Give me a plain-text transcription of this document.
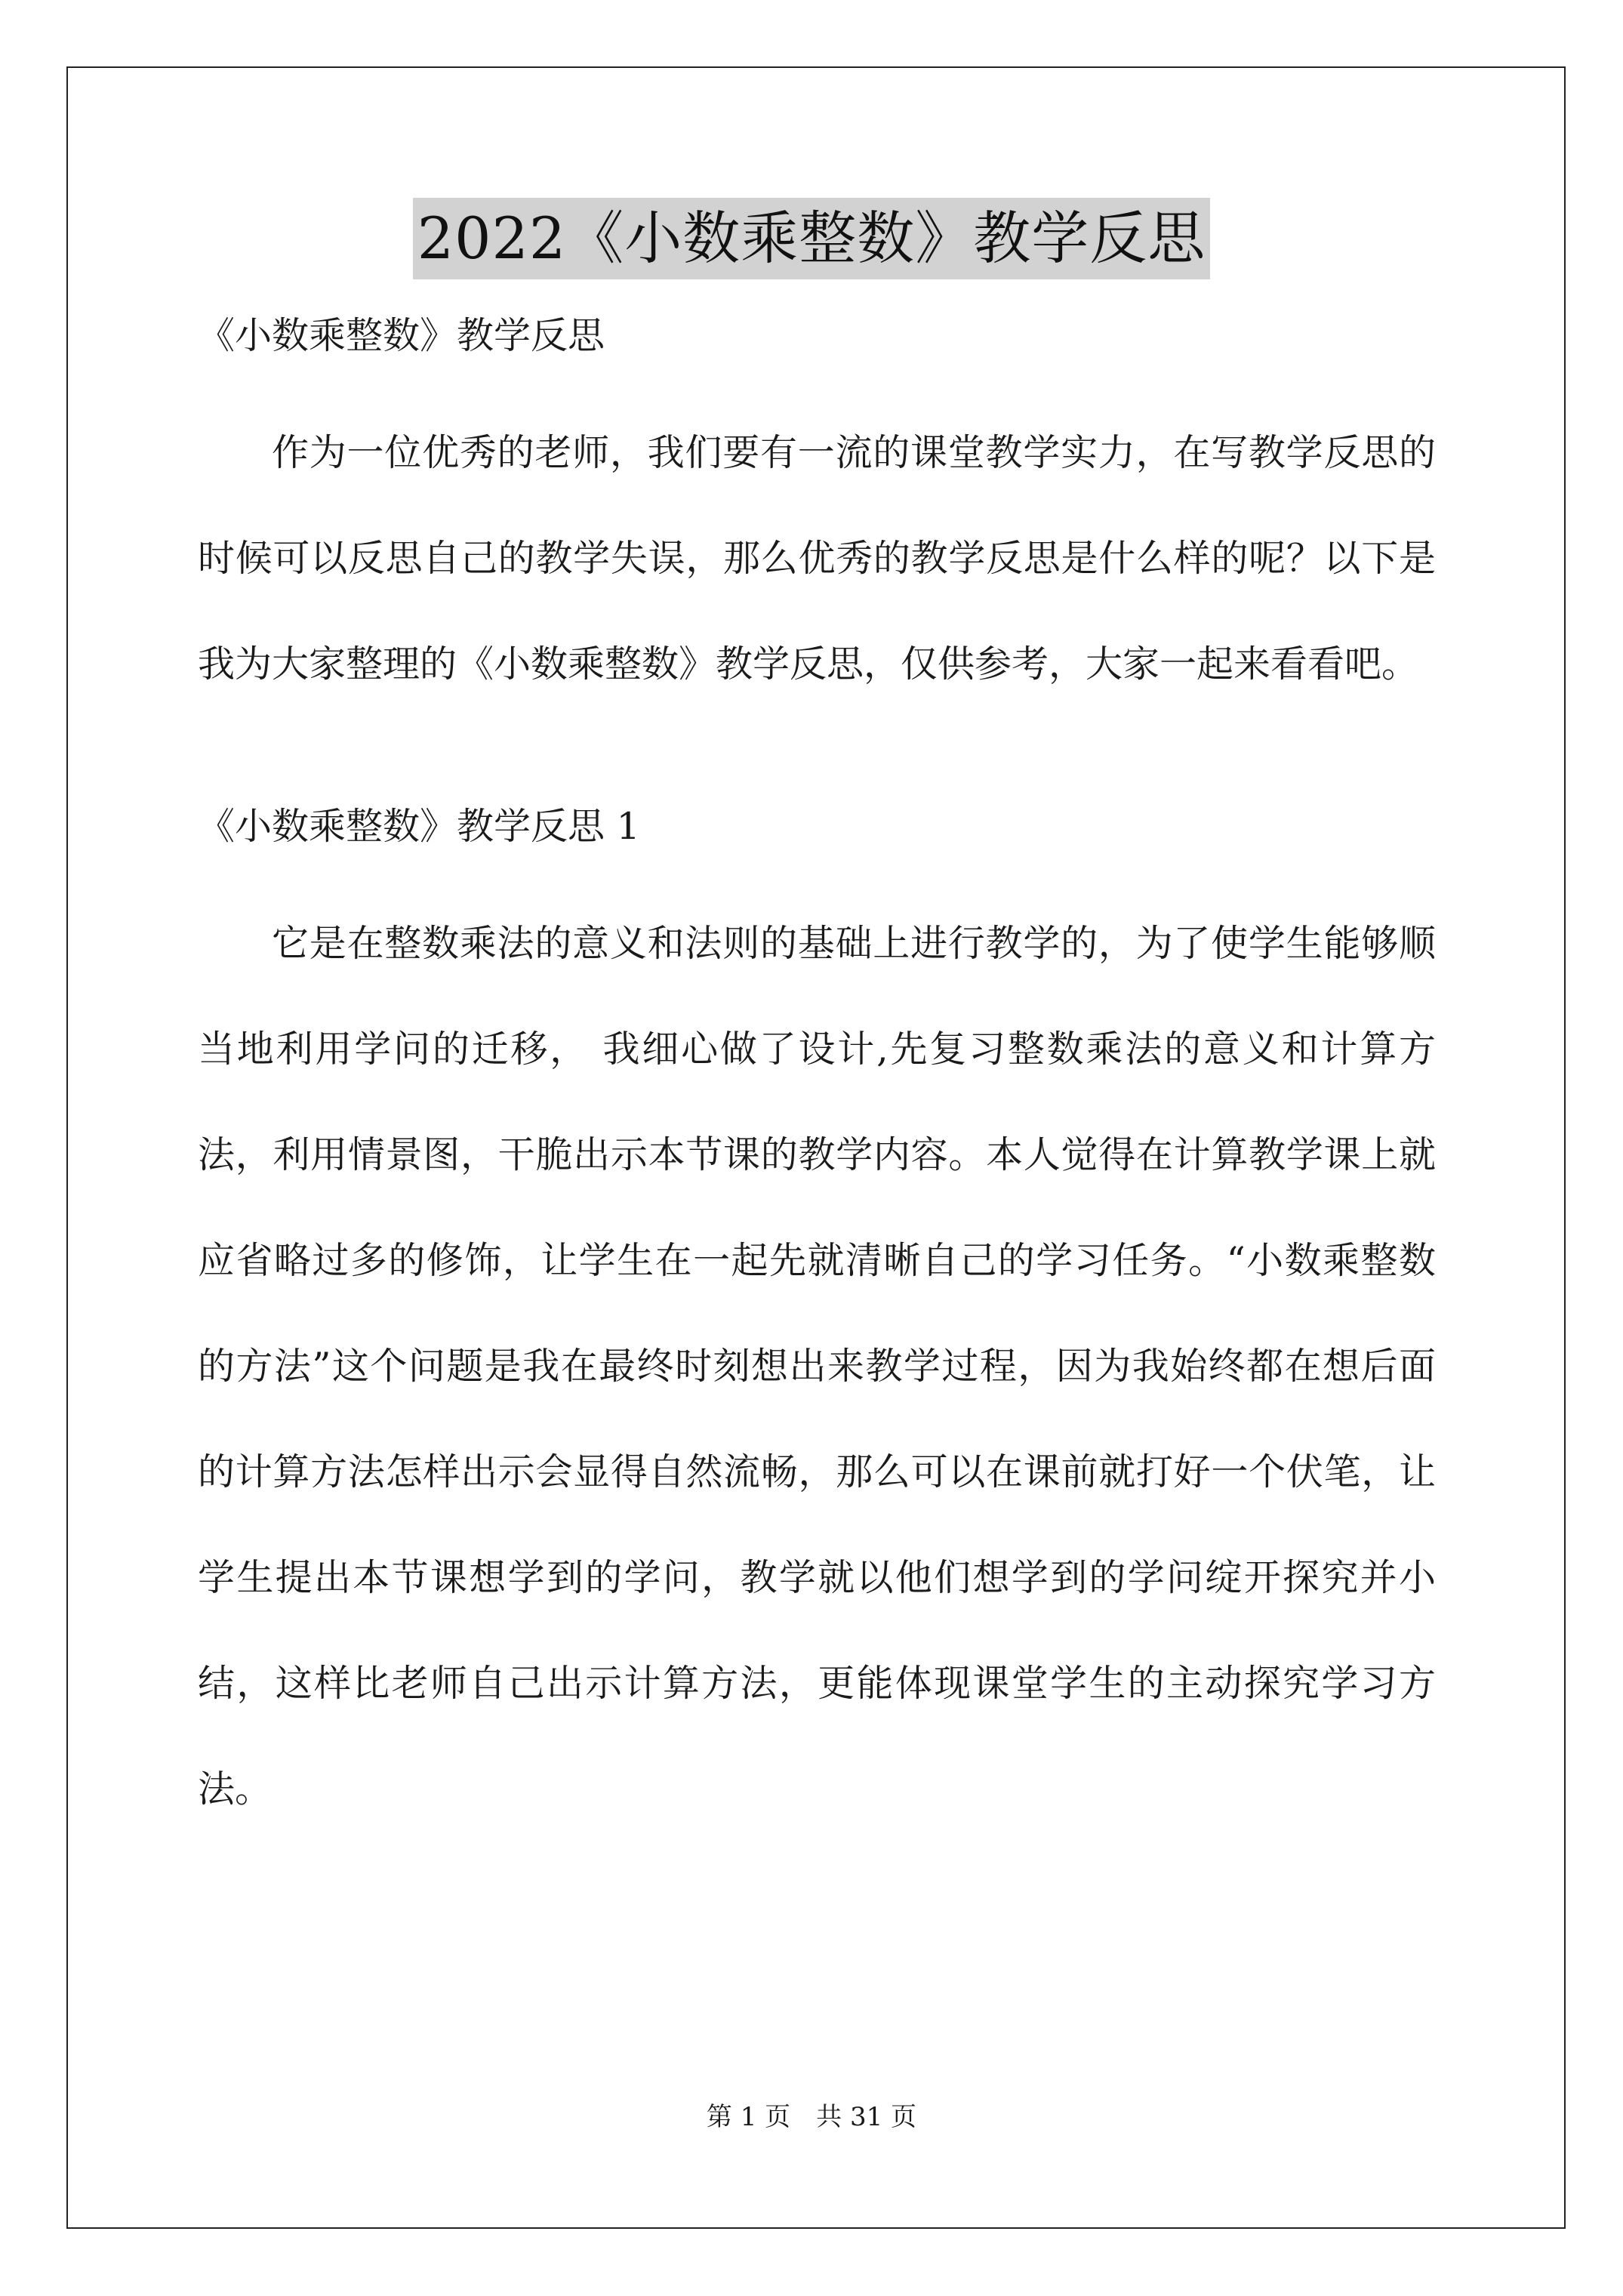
2022《小数乘整数》教学反思

《小数乘整数》教学反思

作为一位优秀的老师，我们要有一流的课堂教学实力，在写教学反思的时候可以反思自己的教学失误，那么优秀的教学反思是什么样的呢？以下是我为大家整理的《小数乘整数》教学反思，仅供参考，大家一起来看看吧。

《小数乘整数》教学反思 1

它是在整数乘法的意义和法则的基础上进行教学的，为了使学生能够顺当地利用学问的迁移， 我细心做了设计,先复习整数乘法的意义和计算方法，利用情景图，干脆出示本节课的教学内容。本人觉得在计算教学课上就应省略过多的修饰，让学生在一起先就清晰自己的学习任务。“小数乘整数的方法”这个问题是我在最终时刻想出来教学过程，因为我始终都在想后面的计算方法怎样出示会显得自然流畅，那么可以在课前就打好一个伏笔，让学生提出本节课想学到的学问，教学就以他们想学到的学问绽开探究并小结，这样比老师自己出示计算方法，更能体现课堂学生的主动探究学习方法。

第 1 页 共 31 页
